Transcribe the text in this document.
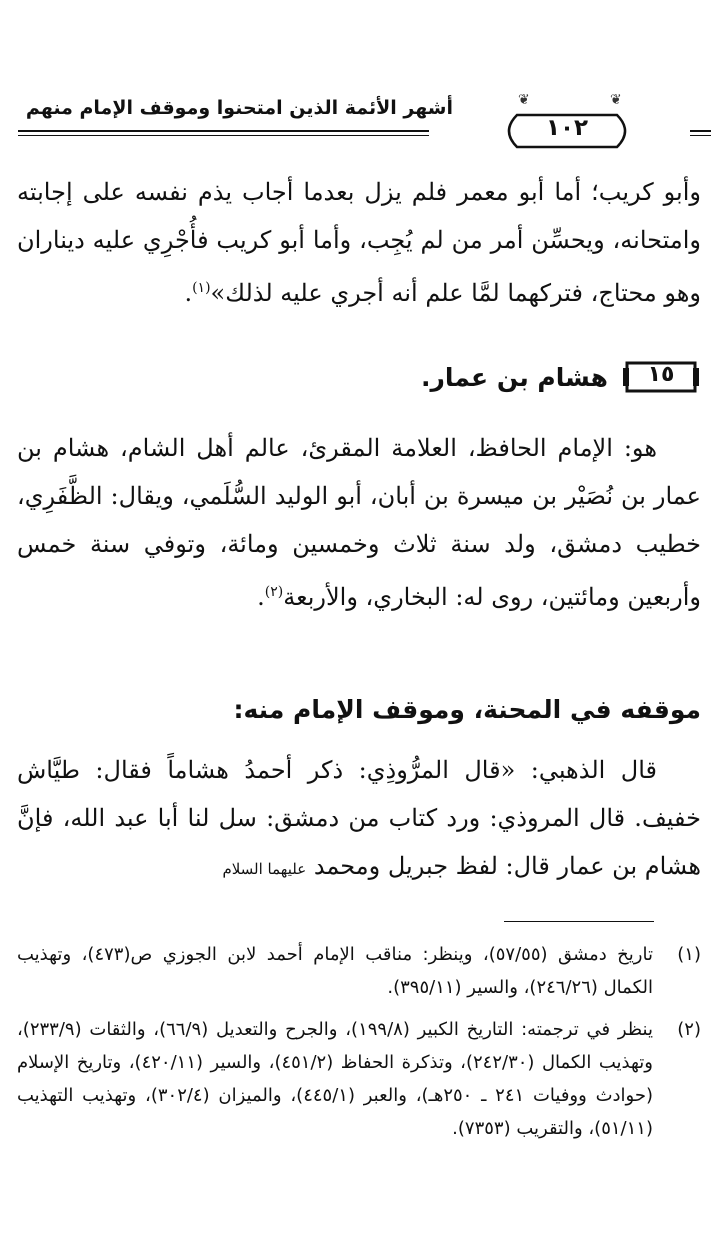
أشهر الأئمة الذين امتحنوا وموقف الإمام منهم	❦	❦
١٠٢
وأبو كريب؛ أما أبو معمر فلم يزل بعدما أجاب يذم نفسه على إجابته وامتحانه، ويحسِّن أمر من لم يُجِب، وأما أبو كريب فأُجْرِي عليه ديناران وهو محتاج، فتركهما لمَّا علم أنه أجري عليه لذلك»$^{(١)}$.
١٥
هشام بن عمار.
هو: الإمام الحافظ، العلامة المقرئ، عالم أهل الشام، هشام بن عمار بن نُصَيْر بن ميسرة بن أبان، أبو الوليد السُّلَمي، ويقال: الظَّفَرِي، خطيب دمشق، ولد سنة ثلاث وخمسين ومائة، وتوفي سنة خمس وأربعين ومائتين، روى له: البخاري، والأربعة$^{(٢)}$.
موقفه في المحنة، وموقف الإمام منه:
قال الذهبي: «قال المرُّوذِي: ذكر أحمدُ هشاماً فقال: طيَّاش خفيف. قال المروذي: ورد كتاب من دمشق: سل لنا أبا عبد الله، فإنَّ هشام بن عمار قال: لفظ جبريل ومحمد عليهما السلام
(١)
تاريخ دمشق (٥٧/٥٥)، وينظر: مناقب الإمام أحمد لابن الجوزي ص(٤٧٣)، وتهذيب الكمال (٢٤٦/٢٦)، والسير (٣٩٥/١١).
(٢)
ينظر في ترجمته: التاريخ الكبير (١٩٩/٨)، والجرح والتعديل (٦٦/٩)، والثقات (٢٣٣/٩)، وتهذيب الكمال (٢٤٢/٣٠)، وتذكرة الحفاظ (٤٥١/٢)، والسير (٤٢٠/١١)، وتاريخ الإسلام (حوادث ووفيات ٢٤١ ـ ٢٥٠هـ)، والعبر (٤٤٥/١)، والميزان (٣٠٢/٤)، وتهذيب التهذيب (٥١/١١)، والتقريب (٧٣٥٣).
